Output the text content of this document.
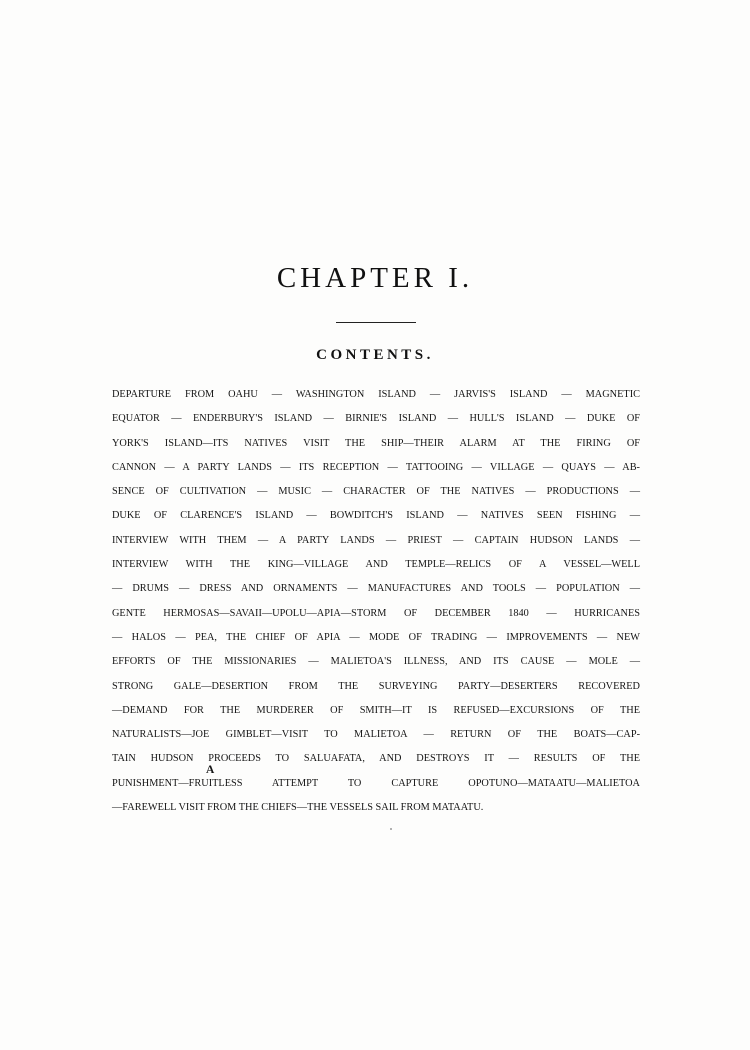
CHAPTER I.
CONTENTS.
DEPARTURE FROM OAHU — WASHINGTON ISLAND — JARVIS'S ISLAND — MAGNETIC
EQUATOR — ENDERBURY'S ISLAND — BIRNIE'S ISLAND — HULL'S ISLAND — DUKE OF
YORK'S ISLAND—ITS NATIVES VISIT THE SHIP—THEIR ALARM AT THE FIRING OF
CANNON — A PARTY LANDS — ITS RECEPTION — TATTOOING — VILLAGE — QUAYS — AB-
SENCE OF CULTIVATION — MUSIC — CHARACTER OF THE NATIVES — PRODUCTIONS —
DUKE OF CLARENCE'S ISLAND — BOWDITCH'S ISLAND — NATIVES SEEN FISHING —
INTERVIEW WITH THEM — A PARTY LANDS — PRIEST — CAPTAIN HUDSON LANDS —
INTERVIEW WITH THE KING—VILLAGE AND TEMPLE—RELICS OF A VESSEL—WELL
— DRUMS — DRESS AND ORNAMENTS — MANUFACTURES AND TOOLS — POPULATION —
GENTE HERMOSAS—SAVAII—UPOLU—APIA—STORM OF DECEMBER 1840 — HURRICANES
— HALOS — PEA, THE CHIEF OF APIA — MODE OF TRADING — IMPROVEMENTS — NEW
EFFORTS OF THE MISSIONARIES — MALIETOA'S ILLNESS, AND ITS CAUSE — MOLE —
STRONG GALE—DESERTION FROM THE SURVEYING PARTY—DESERTERS RECOVERED
—DEMAND FOR THE MURDERER OF SMITH—IT IS REFUSED—EXCURSIONS OF THE
NATURALISTS—JOE GIMBLET—VISIT TO MALIETOA — RETURN OF THE BOATS—CAP-
TAIN HUDSON PROCEEDS TO SALUAFATA, AND DESTROYS IT — RESULTS OF THE
PUNISHMENT—FRUITLESS ATTEMPT TO CAPTURE OPOTUNO—MATAATU—MALIETOA
—FAREWELL VISIT FROM THE CHIEFS—THE VESSELS SAIL FROM MATAATU.
A
